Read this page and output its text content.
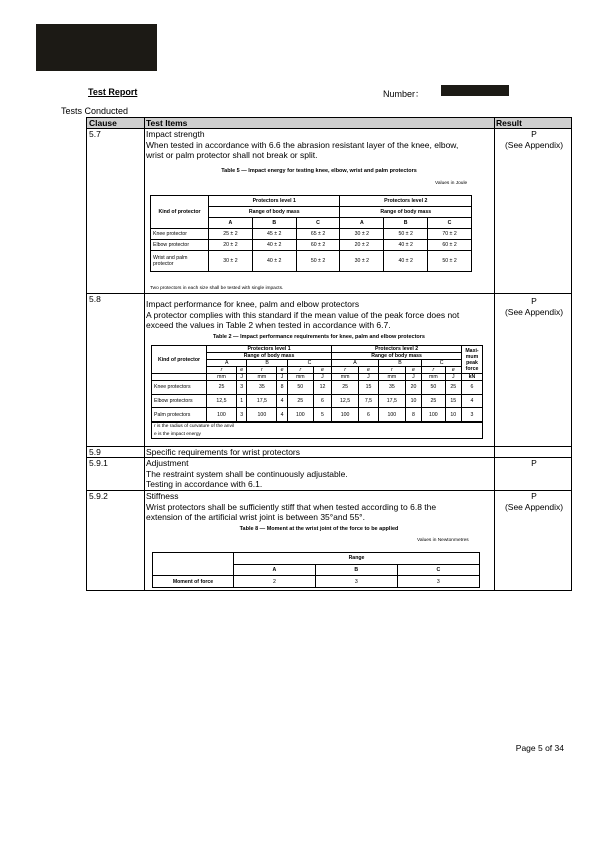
Test Report	Number：
Tests Conducted
Clause	Test Items	Result
5.7	Impact strength
When tested in accordance with 6.6 the abrasion resistant layer of the knee, elbow,
wrist or palm protector shall not break or split.
P
(See Appendix)
Table 5 — Impact energy for testing knee, elbow, wrist and palm protectors
Values in Joule
Kind of protector	Protectors level 1			Protectors level 2		
	Range of body mass			Range of body mass		
	A	B	C	A	B	C
Knee protector	25 ± 2	45 ± 2	65 ± 2	30 ± 2	50 ± 2	70 ± 2
Elbow protector	20 ± 2	40 ± 2	60 ± 2	20 ± 2	40 ± 2	60 ± 2
Wrist and palm protector	30 ± 2	40 ± 2	50 ± 2	30 ± 2	40 ± 2	50 ± 2
Two protectors in each size shall be tested with single impacts.
5.8	Impact performance for knee, palm and elbow protectors
A protector complies with this standard if the mean value of the peak force does not
exceed the values in Table 2 when tested in accordance with 6.7.
P
(See Appendix)
Table 2 — Impact performance requirements for knee, palm and elbow protectors
Kind of protector	Protectors level 1						Protectors level 2						Maxi-mum peak force
	Range of body mass						Range of body mass						
	A		B		C		A		B		C		
	r	e	r	e	r	e	r	e	r	e	r	e	
	mm	J	mm	J	mm	J	mm	J	mm	J	mm	J	kN
Knee protectors	25	3	35	8	50	12	25	15	35	20	50	25	6
Elbow protectors	12,5	1	17,5	4	25	6	12,5	7,5	17,5	10	25	15	4
Palm protectors	100	3	100	4	100	5	100	6	100	8	100	10	3
r is the radius of curvature of the anvil
e is the impact energy
5.9	Specific requirements for wrist protectors
5.9.1	Adjustment
The restraint system shall be continuously adjustable.
Testing in accordance with 6.1.
P
5.9.2	Stiffness
Wrist protectors shall be sufficiently stiff that when tested according to 6.8 the
extension of the artificial wrist joint is between 35°and 55°.
P
(See Appendix)
Table 8 — Moment at the wrist joint of the force to be applied
Values in Newtonmetres
	Range		
	A	B	C
Moment of force	2	3	3
Page 5 of 34
